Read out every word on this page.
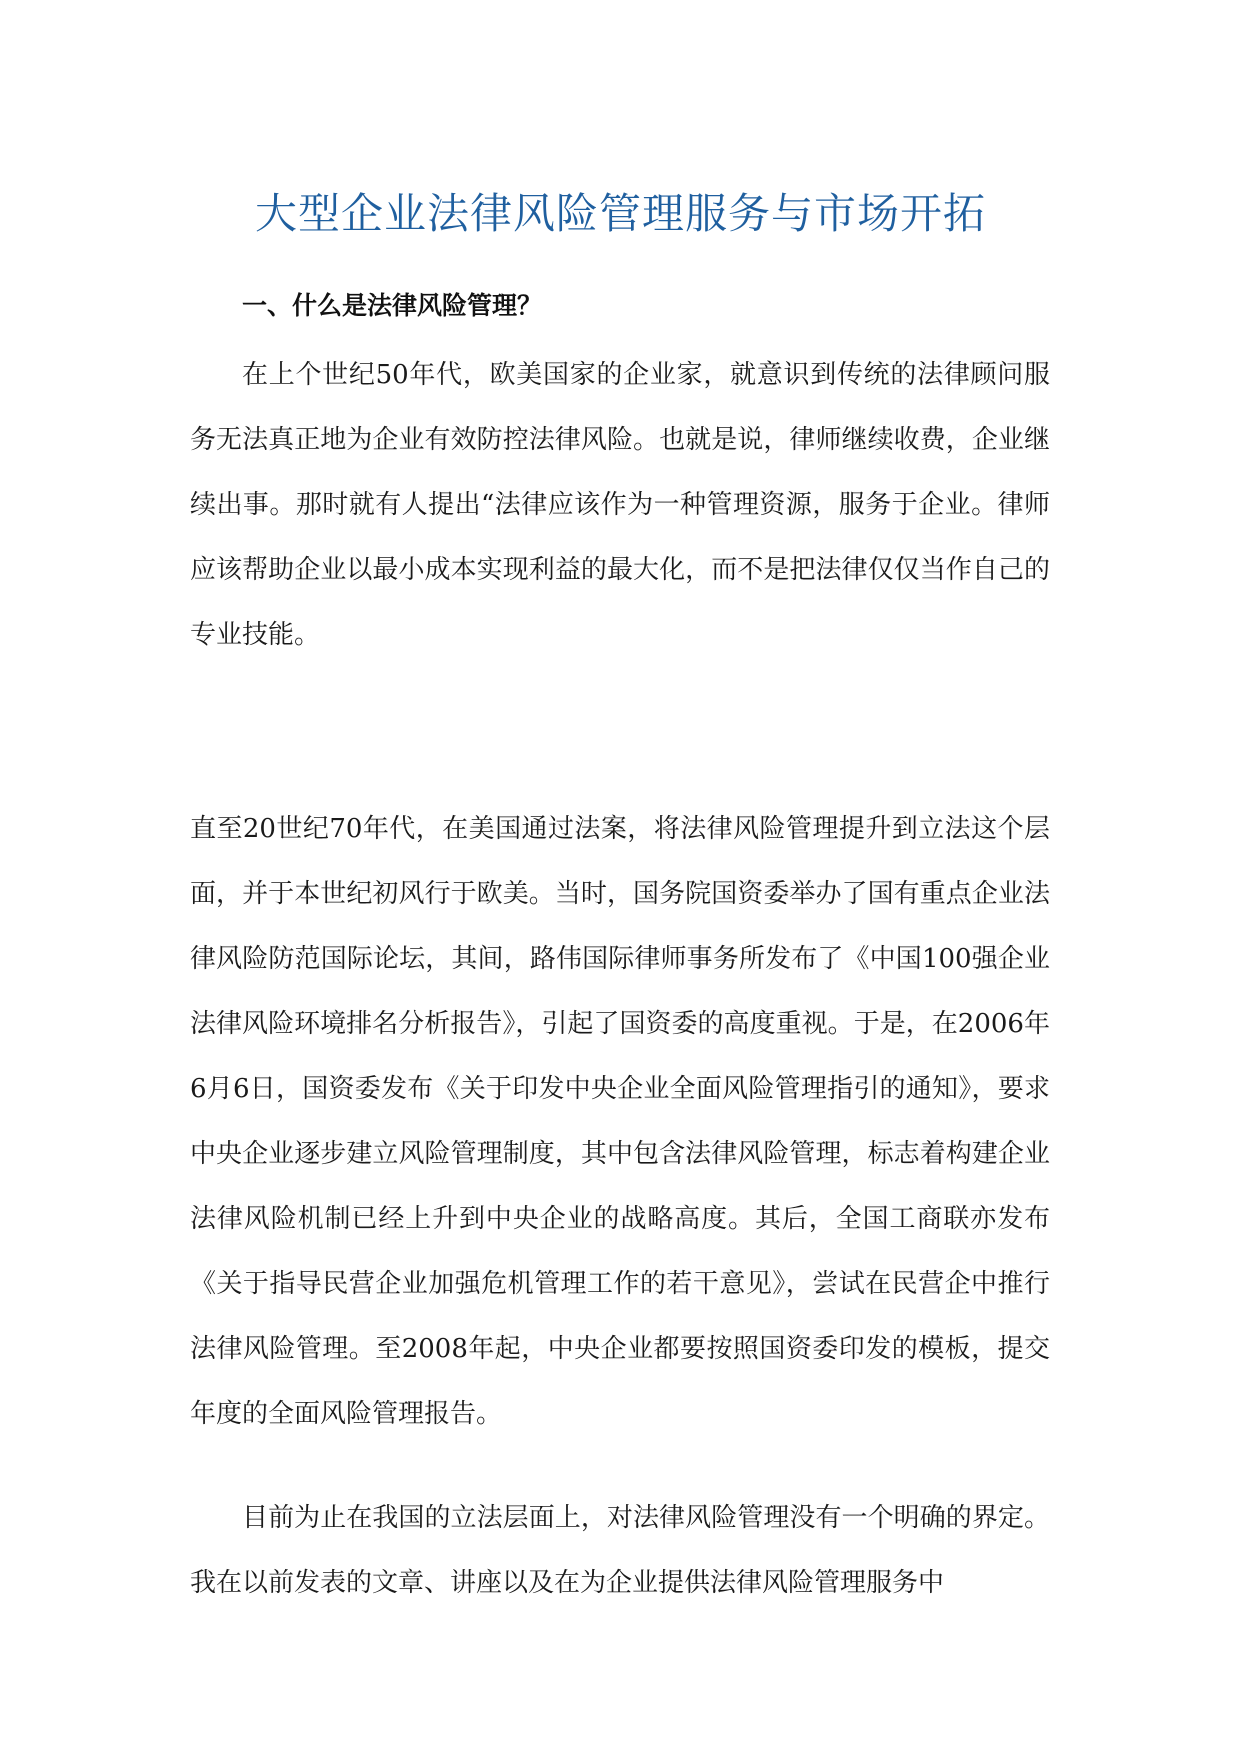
大型企业法律风险管理服务与市场开拓
一、什么是法律风险管理？

在上个世纪50年代，欧美国家的企业家，就意识到传统的法律顾问服务无法真正地为企业有效防控法律风险。也就是说，律师继续收费，企业继续出事。那时就有人提出“法律应该作为一种管理资源，服务于企业。律师应该帮助企业以最小成本实现利益的最大化，而不是把法律仅仅当作自己的专业技能。

直至20世纪70年代，在美国通过法案，将法律风险管理提升到立法这个层面，并于本世纪初风行于欧美。当时，国务院国资委举办了国有重点企业法律风险防范国际论坛，其间，路伟国际律师事务所发布了《中国100强企业法律风险环境排名分析报告》，引起了国资委的高度重视。于是，在2006年6月6日，国资委发布《关于印发中央企业全面风险管理指引的通知》，要求中央企业逐步建立风险管理制度，其中包含法律风险管理，标志着构建企业法律风险机制已经上升到中央企业的战略高度。其后，全国工商联亦发布《关于指导民营企业加强危机管理工作的若干意见》，尝试在民营企中推行法律风险管理。至2008年起，中央企业都要按照国资委印发的模板，提交年度的全面风险管理报告。

目前为止在我国的立法层面上，对法律风险管理没有一个明确的界定。我在以前发表的文章、讲座以及在为企业提供法律风险管理服务中
